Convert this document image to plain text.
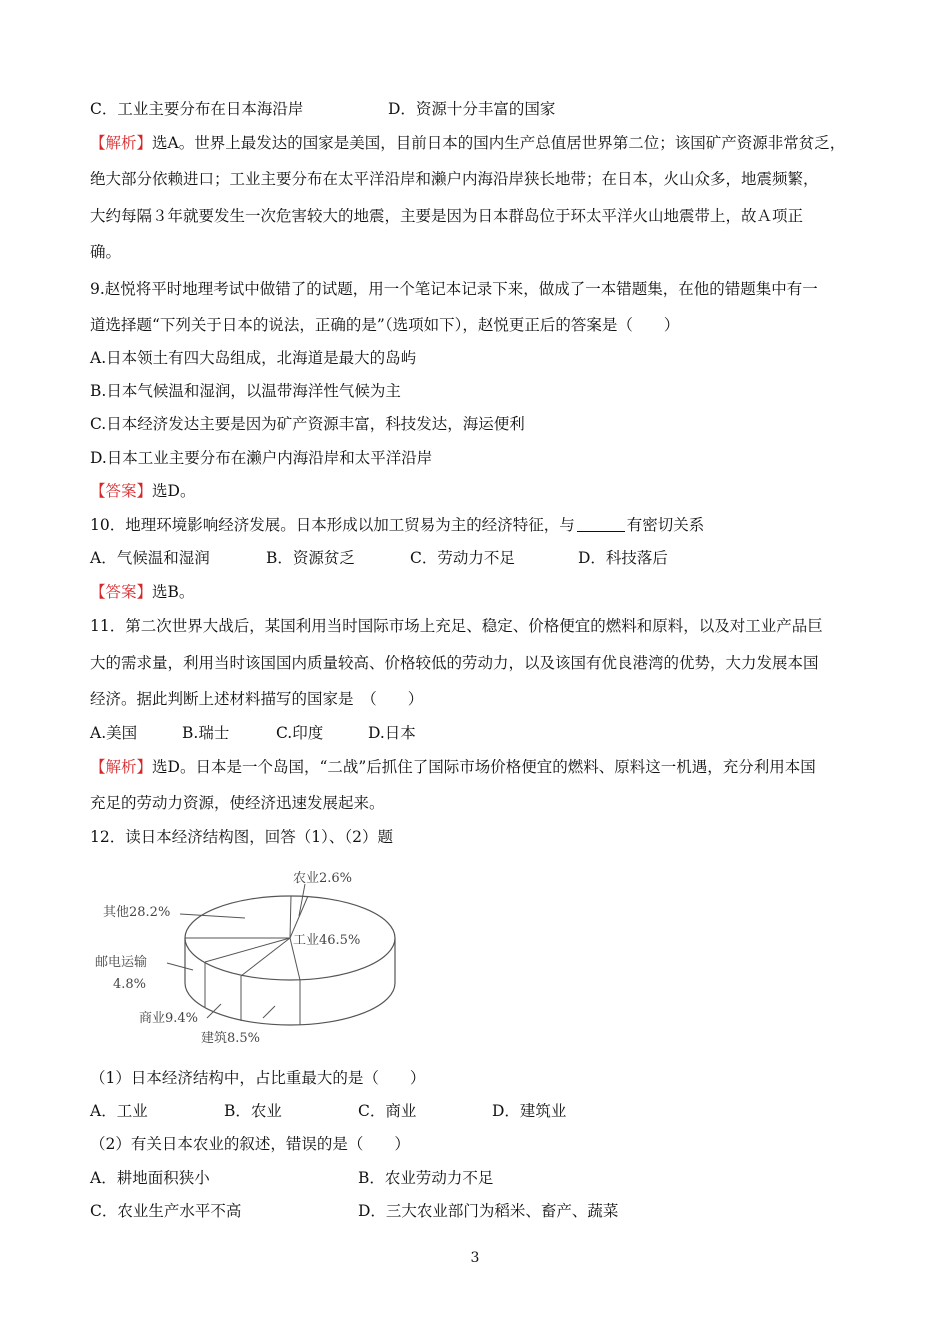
C．工业主要分布在日本海沿岸	D．资源十分丰富的国家
【解析】选A。世界上最发达的国家是美国，目前日本的国内生产总值居世界第二位；该国矿产资源非常贫乏，
绝大部分依赖进口；工业主要分布在太平洋沿岸和濑户内海沿岸狭长地带；在日本，火山众多，地震频繁，
大约每隔３年就要发生一次危害较大的地震，主要是因为日本群岛位于环太平洋火山地震带上，故Ａ项正
确。
9.赵悦将平时地理考试中做错了的试题，用一个笔记本记录下来，做成了一本错题集，在他的错题集中有一
道选择题“下列关于日本的说法，正确的是”（选项如下），赵悦更正后的答案是（　　）
A.日本领土有四大岛组成，北海道是最大的岛屿
B.日本气候温和湿润，以温带海洋性气候为主
C.日本经济发达主要是因为矿产资源丰富，科技发达，海运便利
D.日本工业主要分布在濑户内海沿岸和太平洋沿岸
【答案】选D。
10．地理环境影响经济发展。日本形成以加工贸易为主的经济特征，与	有密切关系
A．气候温和湿润	B．资源贫乏	C．劳动力不足	D．科技落后
【答案】选B。
11．第二次世界大战后，某国利用当时国际市场上充足、稳定、价格便宜的燃料和原料，以及对工业产品巨
大的需求量，利用当时该国国内质量较高、价格较低的劳动力，以及该国有优良港湾的优势，大力发展本国
经济。据此判断上述材料描写的国家是　（　　）
A.美国	B.瑞士	C.印度	D.日本
【解析】选D。日本是一个岛国，“二战”后抓住了国际市场价格便宜的燃料、原料这一机遇，充分利用本国
充足的劳动力资源，使经济迅速发展起来。
12．读日本经济结构图，回答（1）、（2）题
农业2.6%
其他28.2%
工业46.5%
邮电运输
4.8%
商业9.4%
建筑8.5%
（1）日本经济结构中，占比重最大的是（　　）
A．工业	B．农业	C．商业	D．建筑业
（2）有关日本农业的叙述，错误的是（　　）
A．耕地面积狭小	B．农业劳动力不足
C．农业生产水平不高	D．三大农业部门为稻米、畜产、蔬菜
3
